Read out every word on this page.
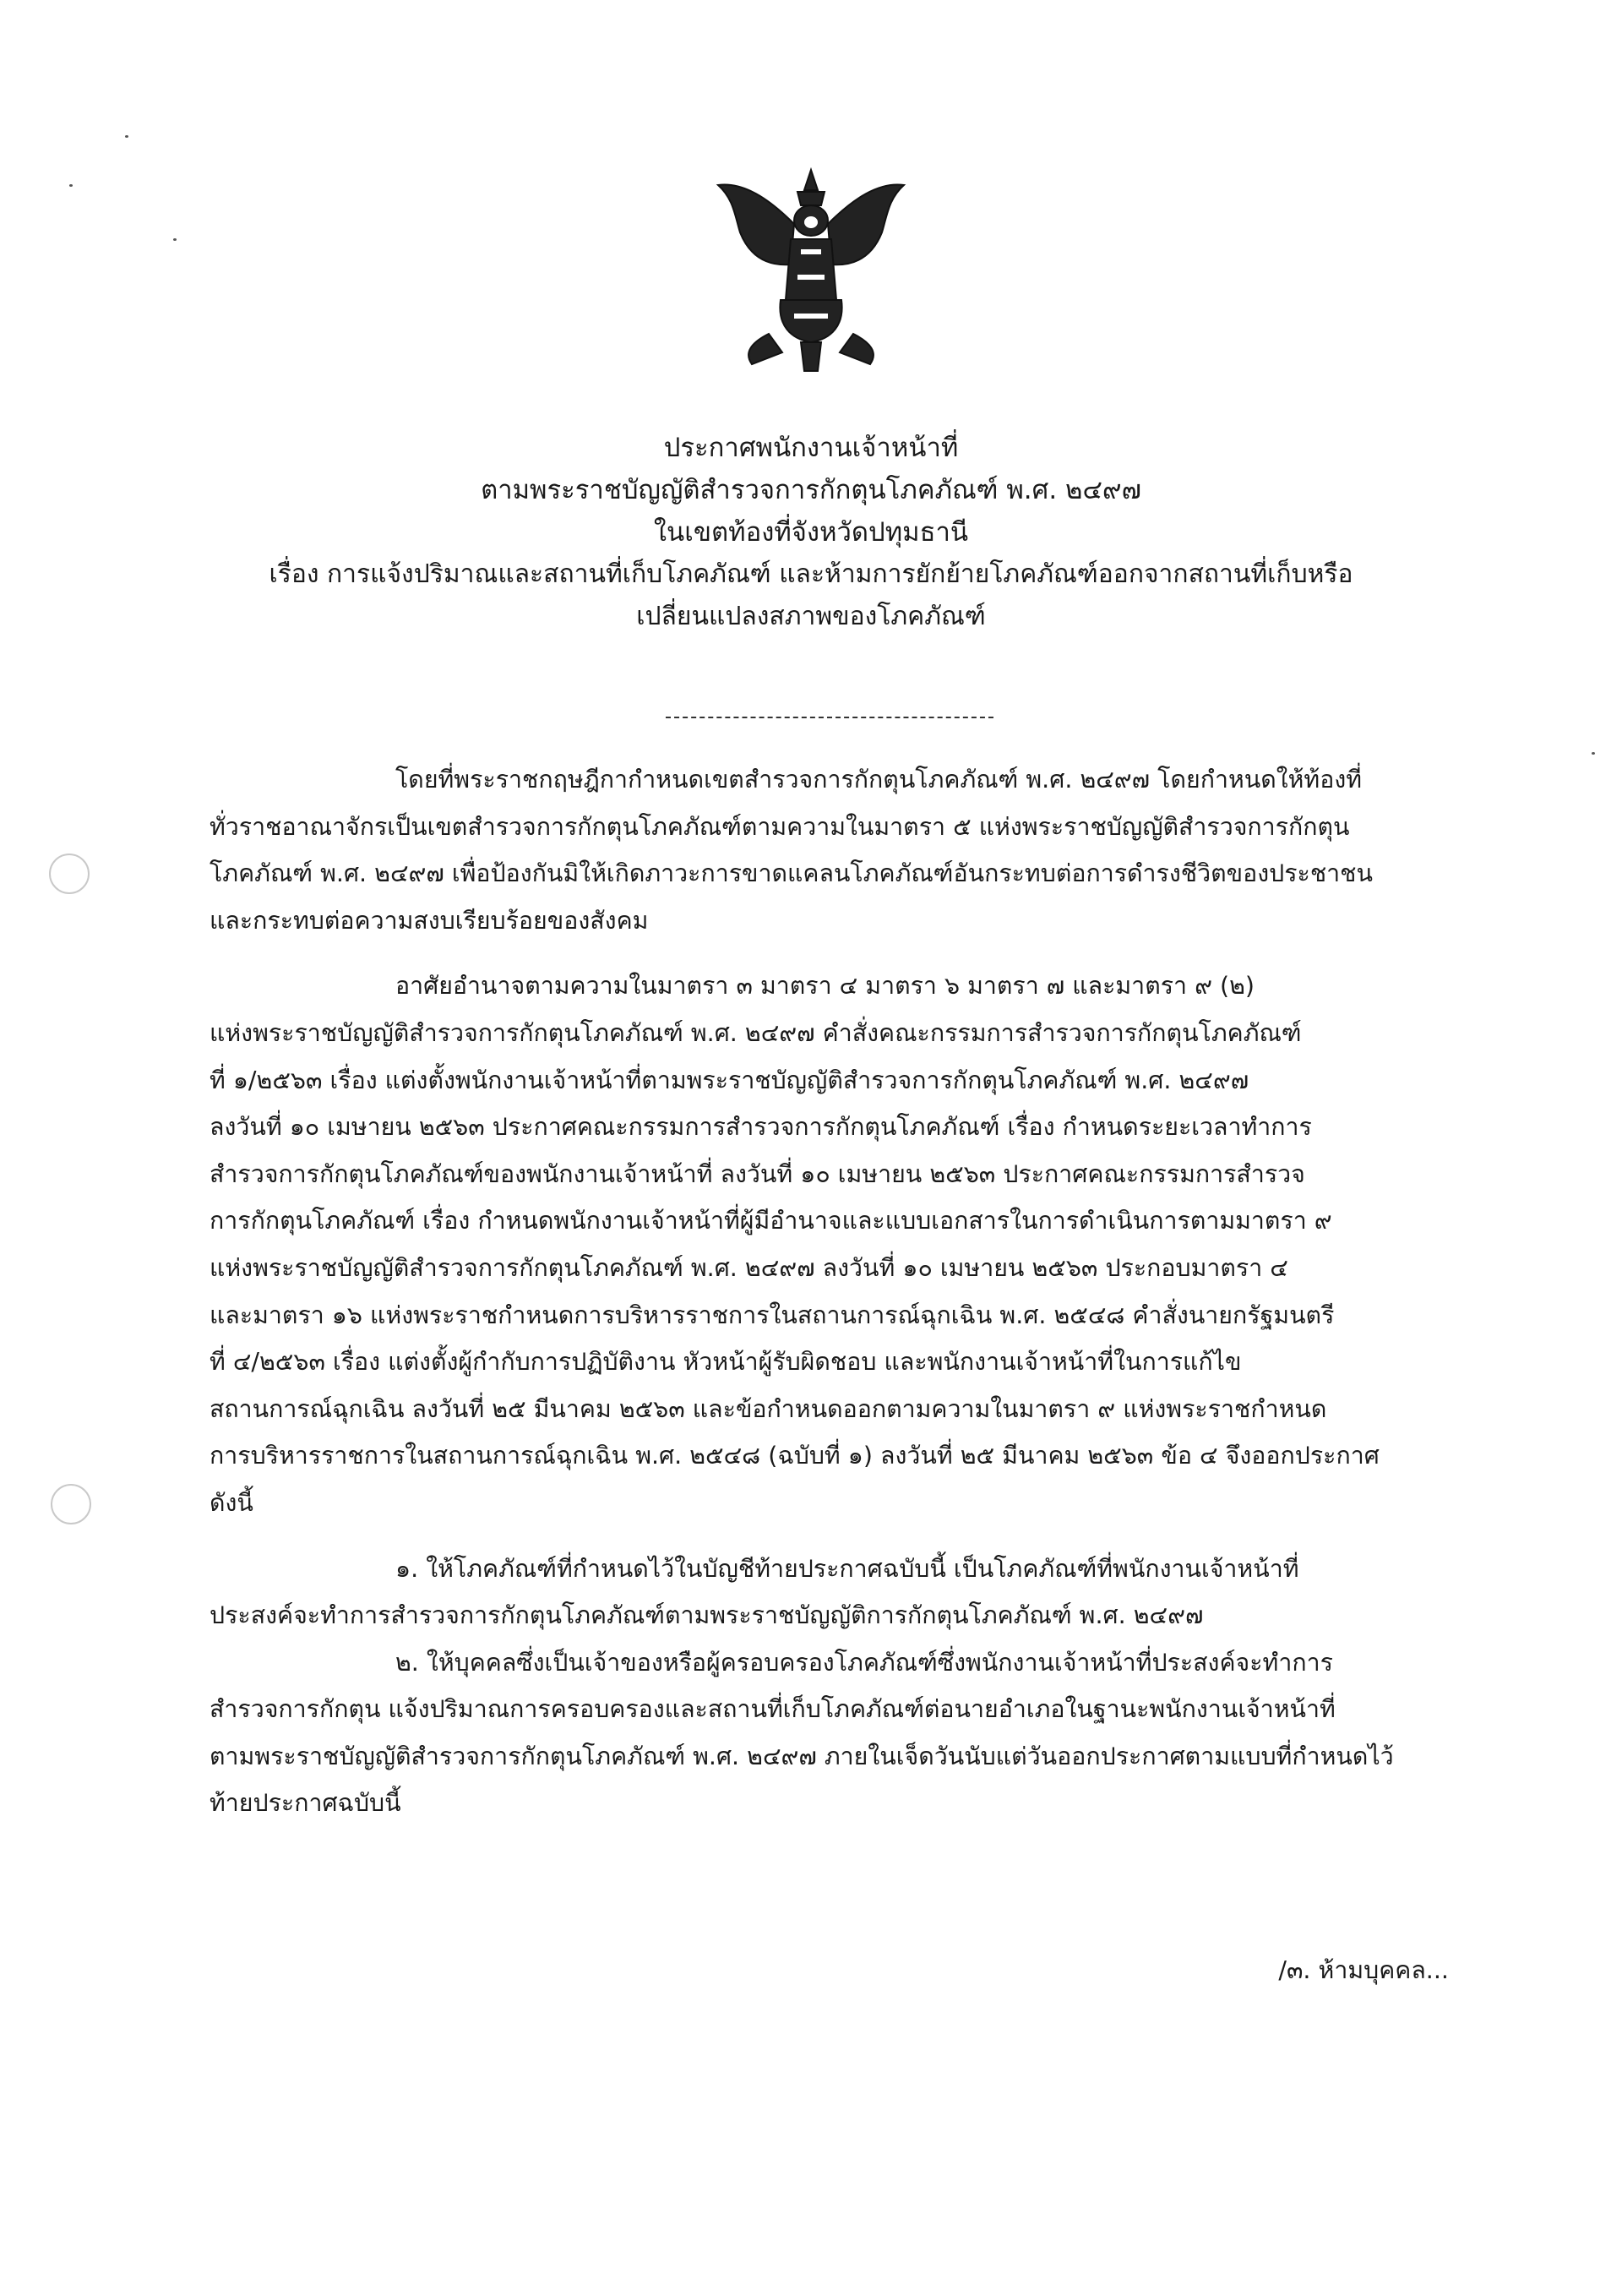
ประกาศพนักงานเจ้าหน้าที่
ตามพระราชบัญญัติสำรวจการกักตุนโภคภัณฑ์ พ.ศ. ๒๔๙๗
ในเขตท้องที่จังหวัดปทุมธานี
เรื่อง การแจ้งปริมาณและสถานที่เก็บโภคภัณฑ์ และห้ามการยักย้ายโภคภัณฑ์ออกจากสถานที่เก็บหรือ
เปลี่ยนแปลงสภาพของโภคภัณฑ์
โดยที่พระราชกฤษฎีกากำหนดเขตสำรวจการกักตุนโภคภัณฑ์ พ.ศ. ๒๔๙๗ โดยกำหนดให้ท้องที่
ทั่วราชอาณาจักรเป็นเขตสำรวจการกักตุนโภคภัณฑ์ตามความในมาตรา ๕ แห่งพระราชบัญญัติสำรวจการกักตุน
โภคภัณฑ์ พ.ศ. ๒๔๙๗ เพื่อป้องกันมิให้เกิดภาวะการขาดแคลนโภคภัณฑ์อันกระทบต่อการดำรงชีวิตของประชาชน
และกระทบต่อความสงบเรียบร้อยของสังคม
อาศัยอำนาจตามความในมาตรา ๓ มาตรา ๔ มาตรา ๖ มาตรา ๗ และมาตรา ๙ (๒)
แห่งพระราชบัญญัติสำรวจการกักตุนโภคภัณฑ์ พ.ศ. ๒๔๙๗ คำสั่งคณะกรรมการสำรวจการกักตุนโภคภัณฑ์
ที่ ๑/๒๕๖๓ เรื่อง แต่งตั้งพนักงานเจ้าหน้าที่ตามพระราชบัญญัติสำรวจการกักตุนโภคภัณฑ์ พ.ศ. ๒๔๙๗
ลงวันที่ ๑๐ เมษายน ๒๕๖๓ ประกาศคณะกรรมการสำรวจการกักตุนโภคภัณฑ์ เรื่อง กำหนดระยะเวลาทำการ
สำรวจการกักตุนโภคภัณฑ์ของพนักงานเจ้าหน้าที่ ลงวันที่ ๑๐ เมษายน ๒๕๖๓ ประกาศคณะกรรมการสำรวจ
การกักตุนโภคภัณฑ์ เรื่อง กำหนดพนักงานเจ้าหน้าที่ผู้มีอำนาจและแบบเอกสารในการดำเนินการตามมาตรา ๙
แห่งพระราชบัญญัติสำรวจการกักตุนโภคภัณฑ์ พ.ศ. ๒๔๙๗ ลงวันที่ ๑๐ เมษายน ๒๕๖๓ ประกอบมาตรา ๔
และมาตรา ๑๖ แห่งพระราชกำหนดการบริหารราชการในสถานการณ์ฉุกเฉิน พ.ศ. ๒๕๔๘ คำสั่งนายกรัฐมนตรี
ที่ ๔/๒๕๖๓ เรื่อง แต่งตั้งผู้กำกับการปฏิบัติงาน หัวหน้าผู้รับผิดชอบ และพนักงานเจ้าหน้าที่ในการแก้ไข
สถานการณ์ฉุกเฉิน ลงวันที่ ๒๕ มีนาคม ๒๕๖๓ และข้อกำหนดออกตามความในมาตรา ๙ แห่งพระราชกำหนด
การบริหารราชการในสถานการณ์ฉุกเฉิน พ.ศ. ๒๕๔๘ (ฉบับที่ ๑) ลงวันที่ ๒๕ มีนาคม ๒๕๖๓ ข้อ ๔ จึงออกประกาศ
ดังนี้
๑. ให้โภคภัณฑ์ที่กำหนดไว้ในบัญชีท้ายประกาศฉบับนี้ เป็นโภคภัณฑ์ที่พนักงานเจ้าหน้าที่
ประสงค์จะทำการสำรวจการกักตุนโภคภัณฑ์ตามพระราชบัญญัติการกักตุนโภคภัณฑ์ พ.ศ. ๒๔๙๗
๒. ให้บุคคลซึ่งเป็นเจ้าของหรือผู้ครอบครองโภคภัณฑ์ซึ่งพนักงานเจ้าหน้าที่ประสงค์จะทำการ
สำรวจการกักตุน แจ้งปริมาณการครอบครองและสถานที่เก็บโภคภัณฑ์ต่อนายอำเภอในฐานะพนักงานเจ้าหน้าที่
ตามพระราชบัญญัติสำรวจการกักตุนโภคภัณฑ์ พ.ศ. ๒๔๙๗ ภายในเจ็ดวันนับแต่วันออกประกาศตามแบบที่กำหนดไว้
ท้ายประกาศฉบับนี้
/๓. ห้ามบุคคล...
